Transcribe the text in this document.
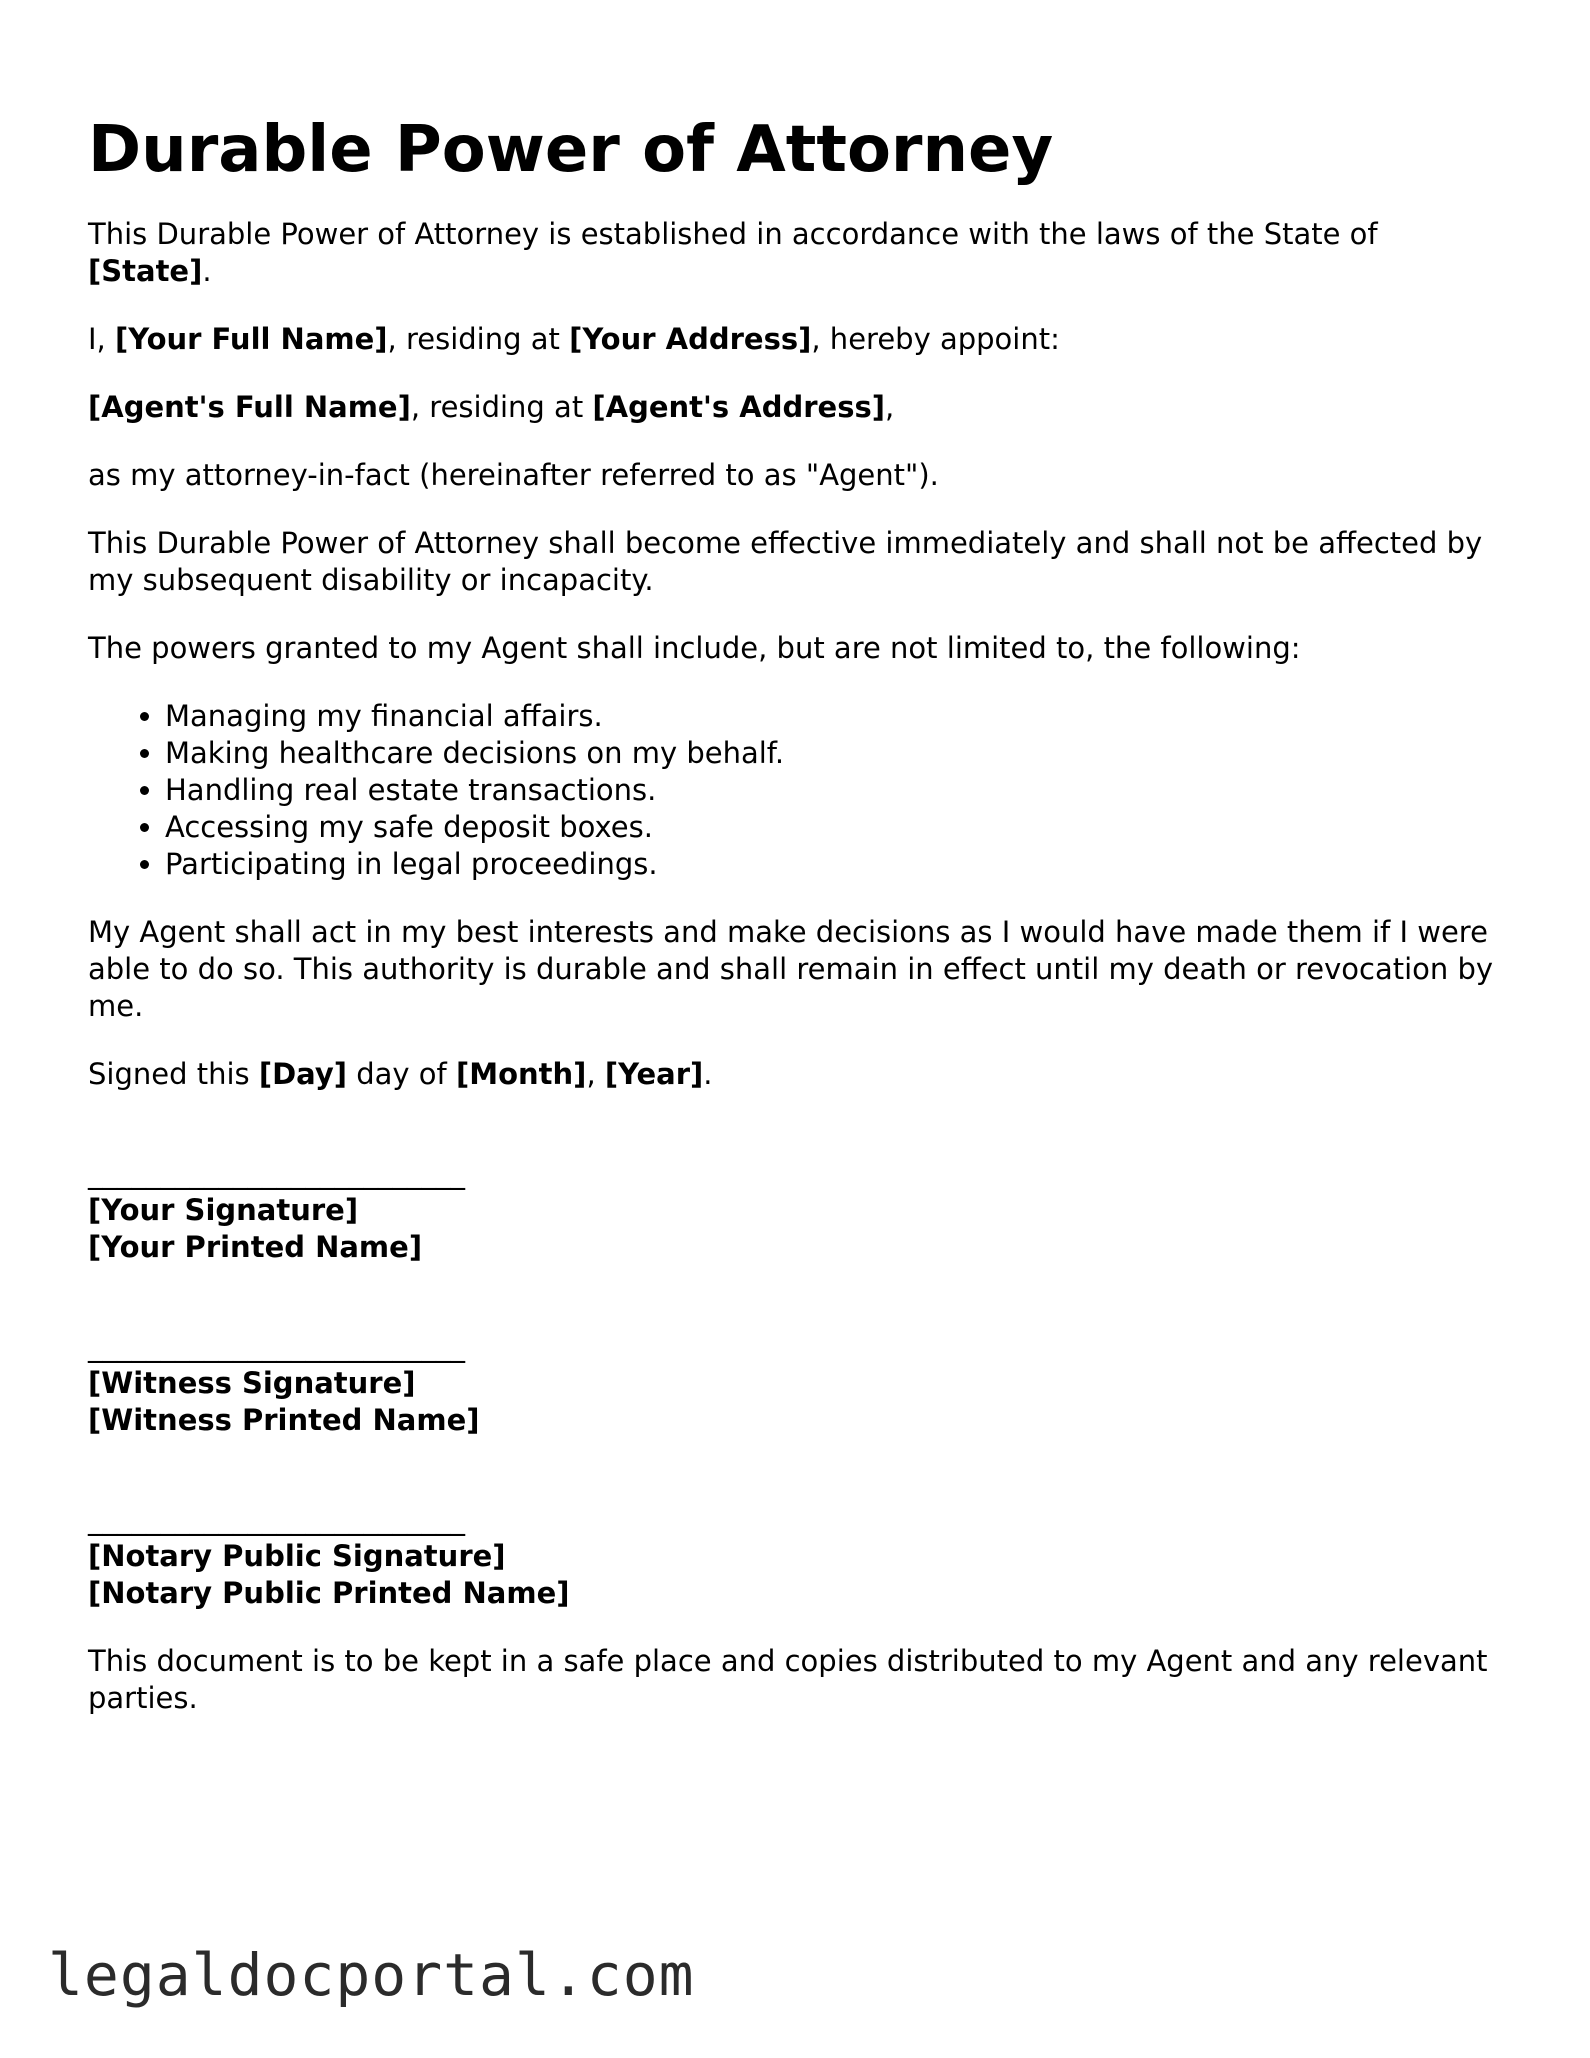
Durable Power of Attorney

This Durable Power of Attorney is established in accordance with the laws of the State of [State].

I, [Your Full Name], residing at [Your Address], hereby appoint:

[Agent's Full Name], residing at [Agent's Address],

as my attorney-in-fact (hereinafter referred to as "Agent").

This Durable Power of Attorney shall become effective immediately and shall not be affected by my subsequent disability or incapacity.

The powers granted to my Agent shall include, but are not limited to, the following:

• Managing my financial affairs.
• Making healthcare decisions on my behalf.
• Handling real estate transactions.
• Accessing my safe deposit boxes.
• Participating in legal proceedings.

My Agent shall act in my best interests and make decisions as I would have made them if I were able to do so. This authority is durable and shall remain in effect until my death or revocation by me.

Signed this [Day] day of [Month], [Year].

__________________________
[Your Signature]
[Your Printed Name]
__________________________
[Witness Signature]
[Witness Printed Name]
__________________________
[Notary Public Signature]
[Notary Public Printed Name]

This document is to be kept in a safe place and copies distributed to my Agent and any relevant parties.

legaldocportal.com
